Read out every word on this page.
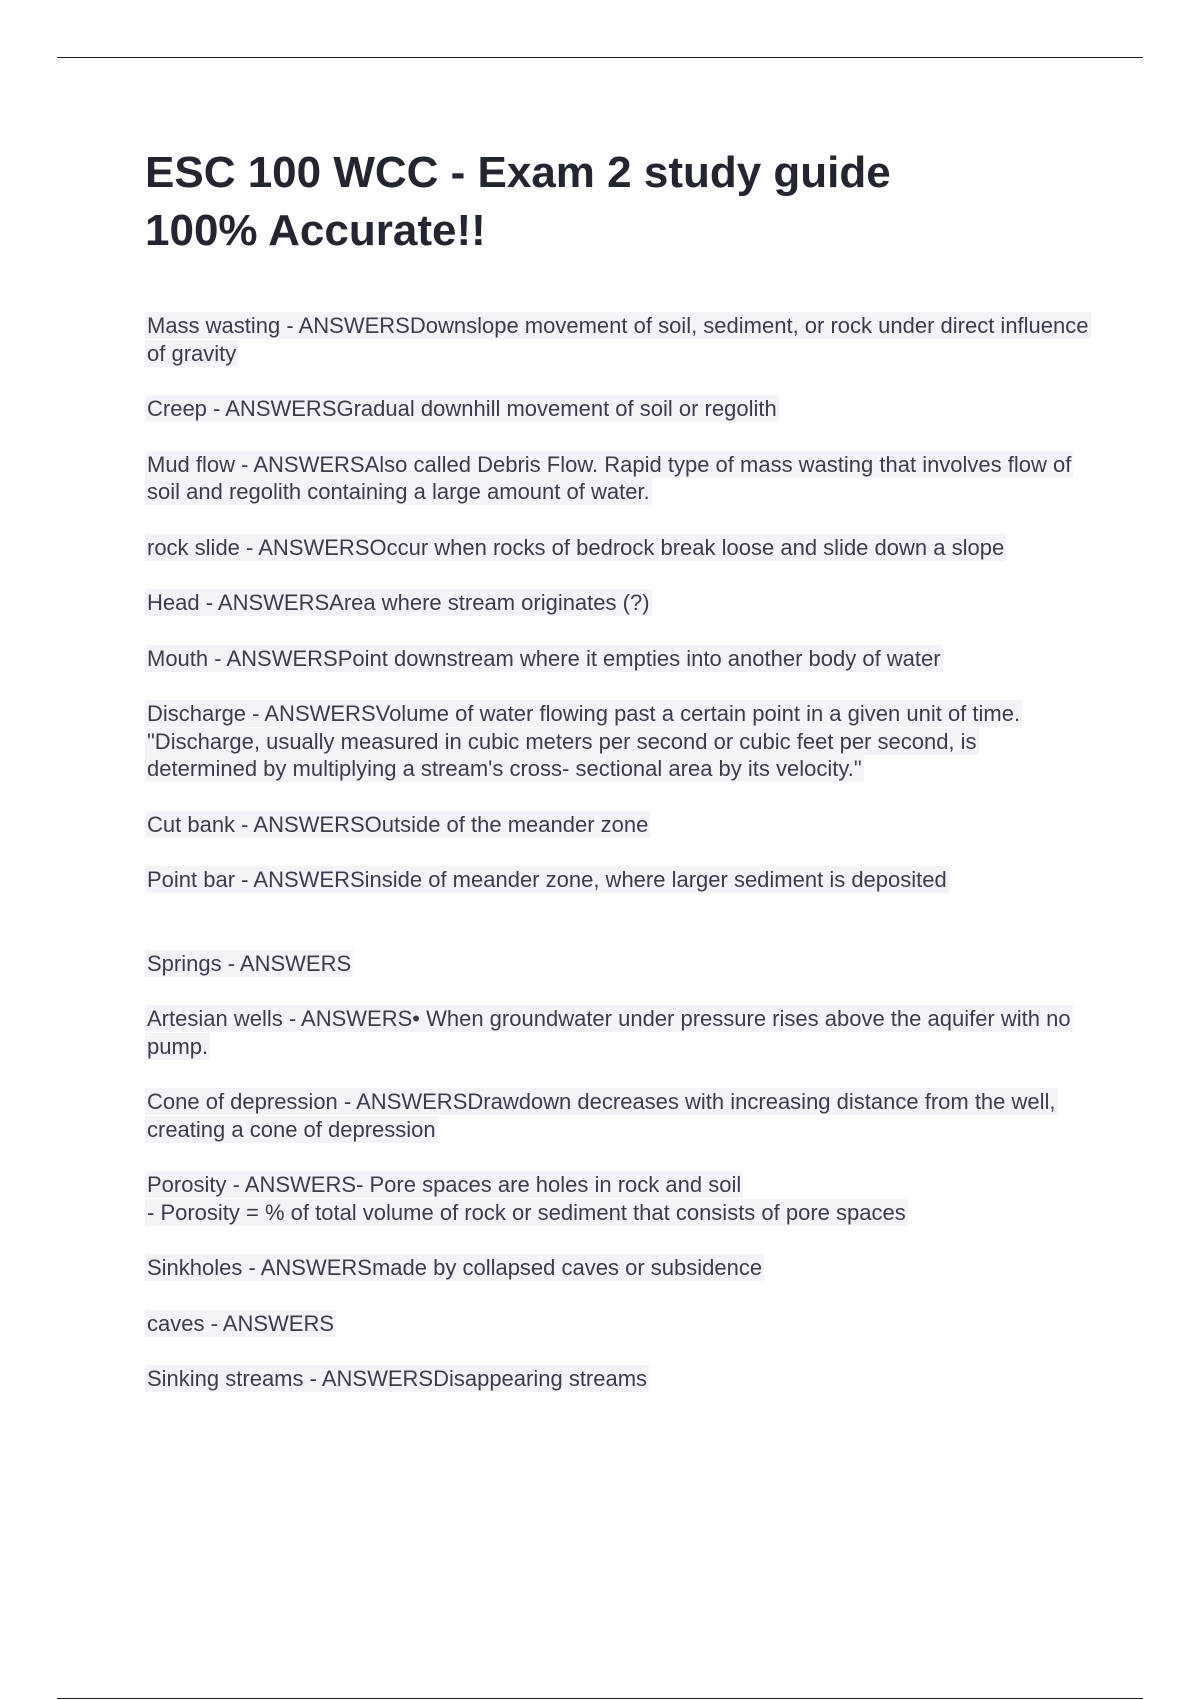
ESC 100 WCC - Exam 2 study guide
100% Accurate!!

Mass wasting - ANSWERSDownslope movement of soil, sediment, or rock under direct influence of gravity

Creep - ANSWERSGradual downhill movement of soil or regolith

Mud flow - ANSWERSAlso called Debris Flow. Rapid type of mass wasting that involves flow of soil and regolith containing a large amount of water.

rock slide - ANSWERSOccur when rocks of bedrock break loose and slide down a slope

Head - ANSWERSArea where stream originates (?)

Mouth - ANSWERSPoint downstream where it empties into another body of water

Discharge - ANSWERSVolume of water flowing past a certain point in a given unit of time. "Discharge, usually measured in cubic meters per second or cubic feet per second, is determined by multiplying a stream's cross- sectional area by its velocity."

Cut bank - ANSWERSOutside of the meander zone

Point bar - ANSWERSinside of meander zone, where larger sediment is deposited

Springs - ANSWERS

Artesian wells - ANSWERS• When groundwater under pressure rises above the aquifer with no pump.

Cone of depression - ANSWERSDrawdown decreases with increasing distance from the well, creating a cone of depression

Porosity - ANSWERS- Pore spaces are holes in rock and soil
- Porosity = % of total volume of rock or sediment that consists of pore spaces

Sinkholes - ANSWERSmade by collapsed caves or subsidence

caves - ANSWERS

Sinking streams - ANSWERSDisappearing streams
